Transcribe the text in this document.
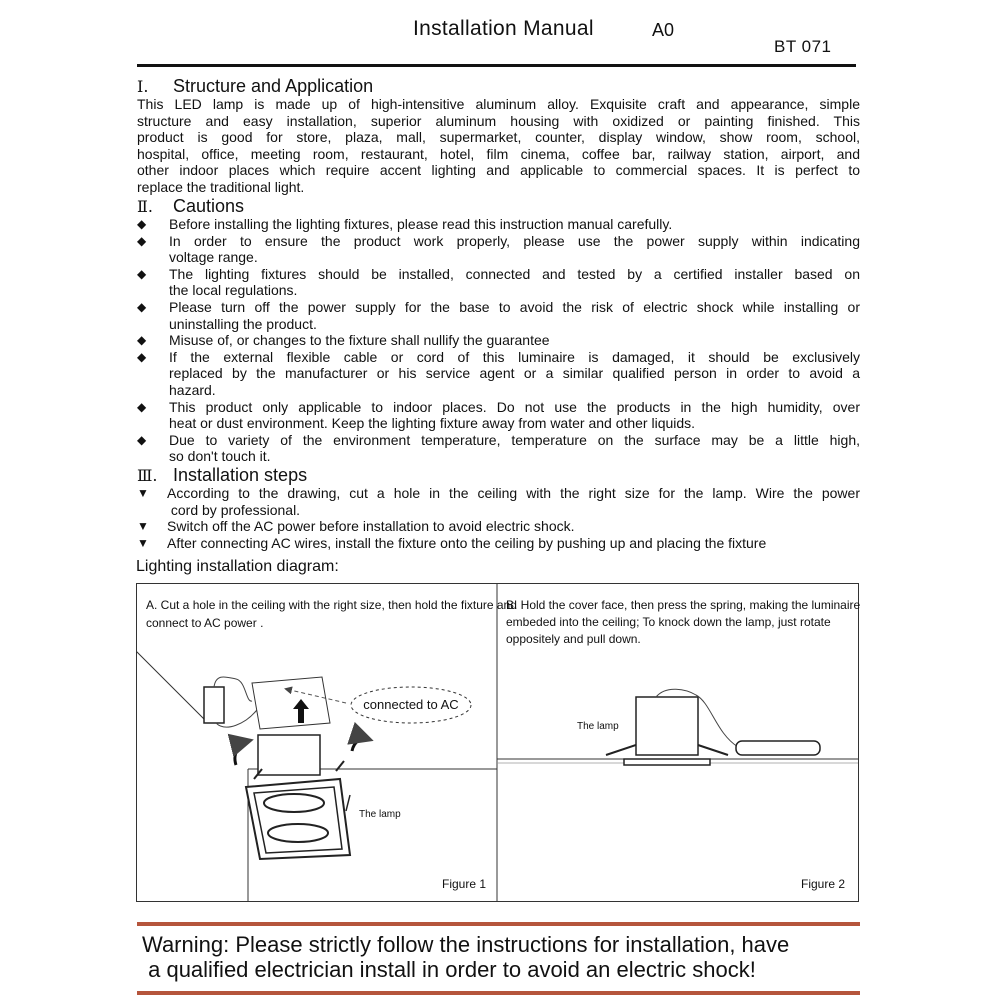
Installation Manual	A0
BT 071
Ⅰ. Structure and Application
This LED lamp is made up of high-intensitive aluminum alloy. Exquisite craft and appearance, simple
structure and easy installation, superior aluminum housing with oxidized or painting finished. This
product is good for store, plaza, mall, supermarket, counter, display window, show room, school,
hospital, office, meeting room, restaurant, hotel, film cinema, coffee bar, railway station, airport, and
other indoor places which require accent lighting and applicable to commercial spaces. It is perfect to
replace the traditional light.
Ⅱ. Cautions
◆ Before installing the lighting fixtures, please read this instruction manual carefully.
◆ In order to ensure the product work properly, please use the power supply within indicating
voltage range.
◆ The lighting fixtures should be installed, connected and tested by a certified installer based on
the local regulations.
◆ Please turn off the power supply for the base to avoid the risk of electric shock while installing or
uninstalling the product.
◆ Misuse of, or changes to the fixture shall nullify the guarantee
◆ If the external flexible cable or cord of this luminaire is damaged, it should be exclusively
replaced by the manufacturer or his service agent or a similar qualified person in order to avoid a
hazard.
◆ This product only applicable to indoor places. Do not use the products in the high humidity, over
heat or dust environment. Keep the lighting fixture away from water and other liquids.
◆ Due to variety of the environment temperature, temperature on the surface may be a little high,
so don't touch it.
Ⅲ. Installation steps
▼ According to the drawing, cut a hole in the ceiling with the right size for the lamp. Wire the power
cord by professional.
▼ Switch off the AC power before installation to avoid electric shock.
▼ After connecting AC wires, install the fixture onto the ceiling by pushing up and placing the fixture
Lighting installation diagram:
A. Cut a hole in the ceiling with the right size, then hold the fixture and
connect to AC power .
connected to AC
The lamp
Figure 1
B. Hold the cover face, then press the spring, making the luminaire
embeded into the ceiling; To knock down the lamp, just rotate
oppositely and pull down.
The lamp
Figure 2
Warning: Please strictly follow the instructions for installation, have
a qualified electrician install in order to avoid an electric shock!
